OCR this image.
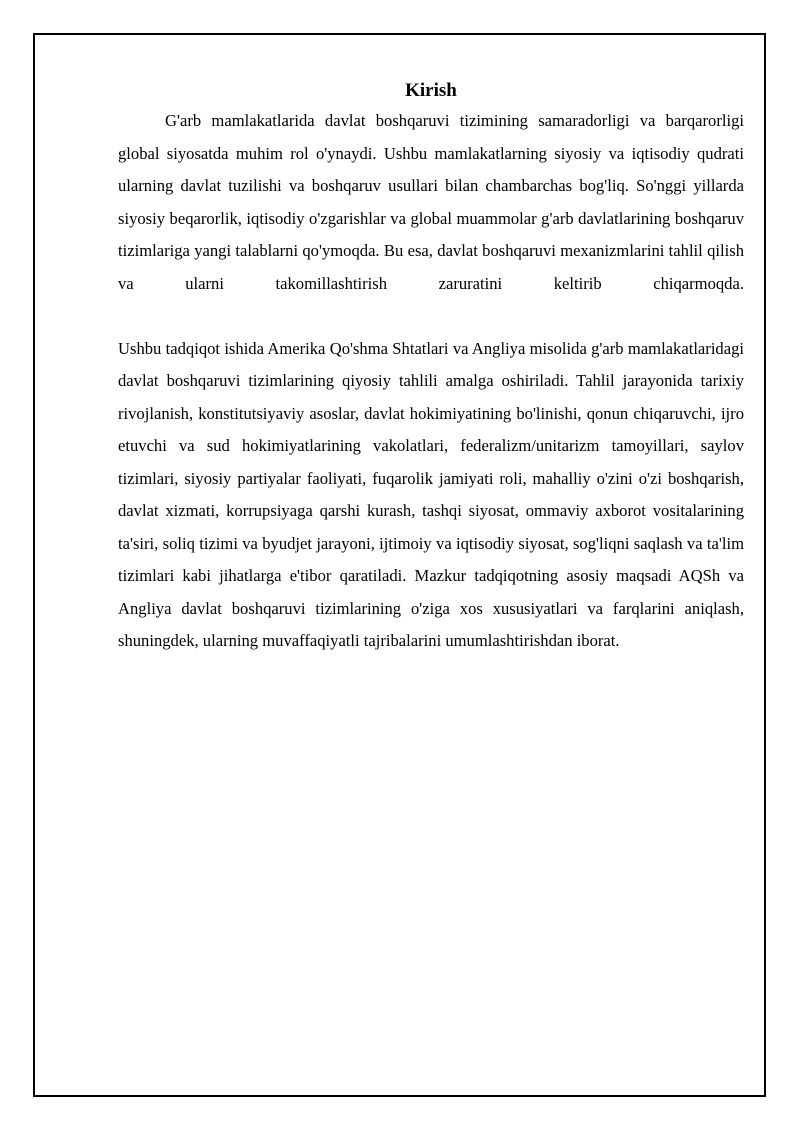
Kirish

G'arb mamlakatlarida davlat boshqaruvi tizimining samaradorligi va barqarorligi global siyosatda muhim rol o'ynaydi. Ushbu mamlakatlarning siyosiy va iqtisodiy qudrati ularning davlat tuzilishi va boshqaruv usullari bilan chambarchas bog'liq. So'nggi yillarda siyosiy beqarorlik, iqtisodiy o'zgarishlar va global muammolar g'arb davlatlarining boshqaruv tizimlariga yangi talablarni qo'ymoqda. Bu esa, davlat boshqaruvi mexanizmlarini tahlil qilish va ularni takomillashtirish zaruratini keltirib chiqarmoqda.

Ushbu tadqiqot ishida Amerika Qo'shma Shtatlari va Angliya misolida g'arb mamlakatlaridagi davlat boshqaruvi tizimlarining qiyosiy tahlili amalga oshiriladi. Tahlil jarayonida tarixiy rivojlanish, konstitutsiyaviy asoslar, davlat hokimiyatining bo'linishi, qonun chiqaruvchi, ijro etuvchi va sud hokimiyatlarining vakolatlari, federalizm/unitarizm tamoyillari, saylov tizimlari, siyosiy partiyalar faoliyati, fuqarolik jamiyati roli, mahalliy o'zini o'zi boshqarish, davlat xizmati, korrupsiyaga qarshi kurash, tashqi siyosat, ommaviy axborot vositalarining ta'siri, soliq tizimi va byudjet jarayoni, ijtimoiy va iqtisodiy siyosat, sog'liqni saqlash va ta'lim tizimlari kabi jihatlarga e'tibor qaratiladi. Mazkur tadqiqotning asosiy maqsadi AQSh va Angliya davlat boshqaruvi tizimlarining o'ziga xos xususiyatlari va farqlarini aniqlash, shuningdek, ularning muvaffaqiyatli tajribalarini umumlashtirishdan iborat.
